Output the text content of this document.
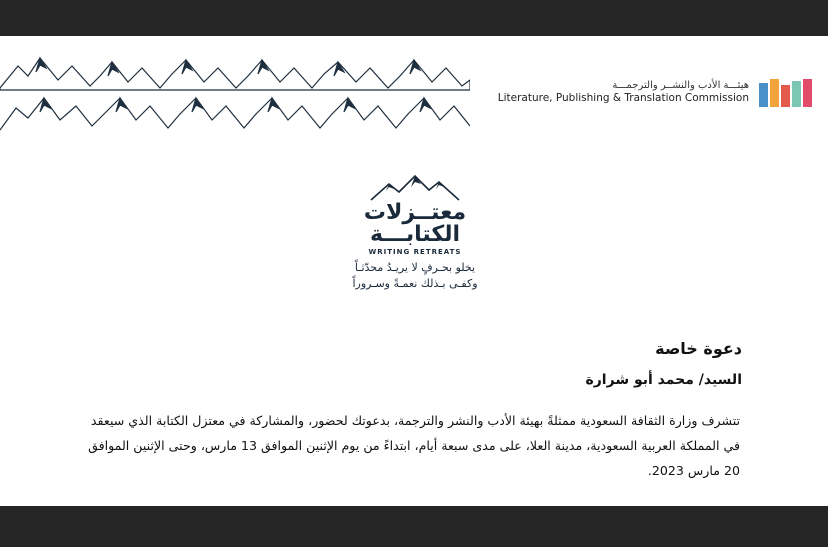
هيئـــة الأدب والنشــر والترجمـــة
Literature, Publishing & Translation Commission
معتــزلات
الكتابـــة
WRITING RETREATS
يخلو بحـرفٍ لا يريـدُ محدّثـاً
وكفـى بـذلك نعمـةً وسـروراً
دعوة خاصة
السيد/ محمد أبو شرارة
تتشرف وزارة الثقافة السعودية ممثلةً بهيئة الأدب والنشر والترجمة، بدعوتك لحضور، والمشاركة في معتزل الكتابة الذي سيعقد في المملكة العربية السعودية، مدينة العلا، على مدى سبعة أيام، ابتداءً من يوم الإثنين الموافق 13 مارس، وحتى الإثنين الموافق 20 مارس 2023.
